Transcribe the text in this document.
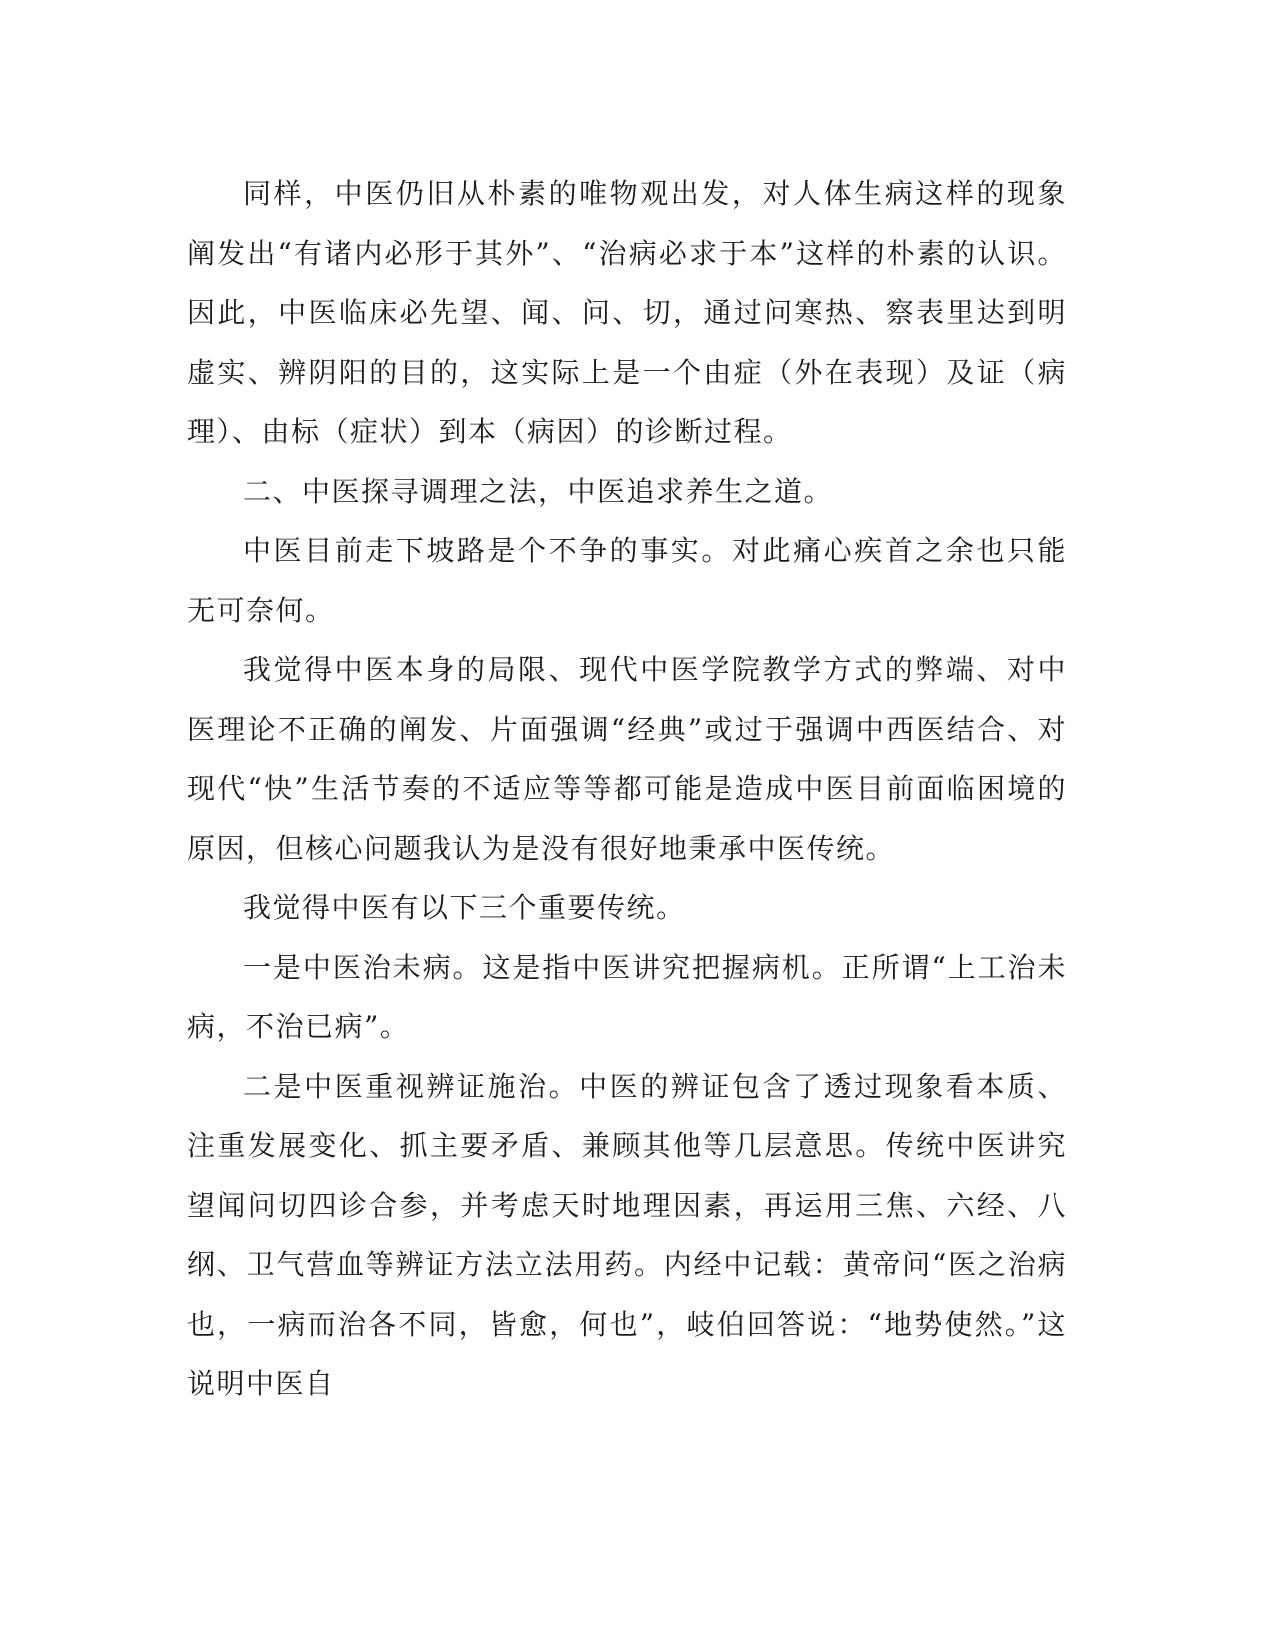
同样，中医仍旧从朴素的唯物观出发，对人体生病这样的现象阐发出“有诸内必形于其外”、“治病必求于本”这样的朴素的认识。因此，中医临床必先望、闻、问、切，通过问寒热、察表里达到明虚实、辨阴阳的目的，这实际上是一个由症（外在表现）及证（病理）、由标（症状）到本（病因）的诊断过程。

二、中医探寻调理之法，中医追求养生之道。

中医目前走下坡路是个不争的事实。对此痛心疾首之余也只能无可奈何。

我觉得中医本身的局限、现代中医学院教学方式的弊端、对中医理论不正确的阐发、片面强调“经典”或过于强调中西医结合、对现代“快”生活节奏的不适应等等都可能是造成中医目前面临困境的原因，但核心问题我认为是没有很好地秉承中医传统。

我觉得中医有以下三个重要传统。

一是中医治未病。这是指中医讲究把握病机。正所谓“上工治未病，不治已病”。

二是中医重视辨证施治。中医的辨证包含了透过现象看本质、注重发展变化、抓主要矛盾、兼顾其他等几层意思。传统中医讲究望闻问切四诊合参，并考虑天时地理因素，再运用三焦、六经、八纲、卫气营血等辨证方法立法用药。内经中记载：黄帝问“医之治病也，一病而治各不同，皆愈，何也”，岐伯回答说：“地势使然。”这说明中医自
